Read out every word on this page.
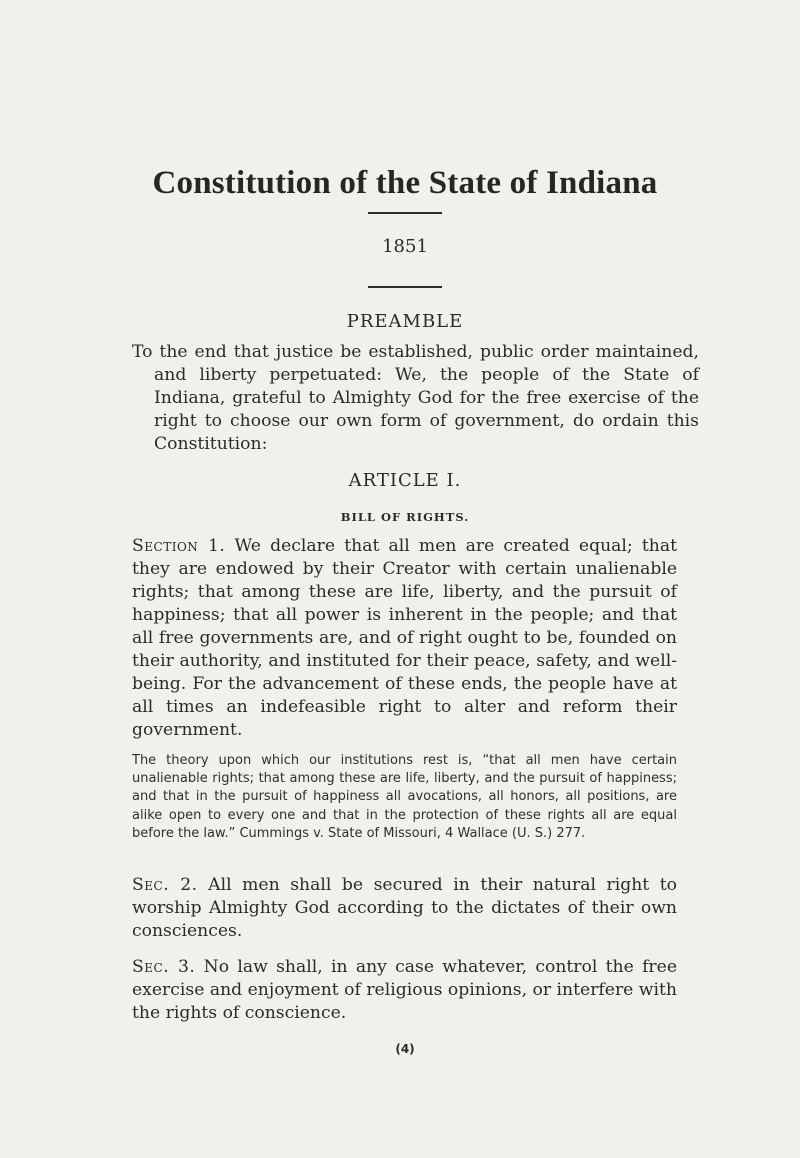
Constitution of the State of Indiana
1851
PREAMBLE

To the end that justice be established, public order maintained, and liberty perpetuated: We, the people of the State of Indiana, grateful to Almighty God for the free exercise of the right to choose our own form of government, do ordain this Constitution:

ARTICLE I.
BILL OF RIGHTS.

Section 1. We declare that all men are created equal; that they are endowed by their Creator with certain unalienable rights; that among these are life, liberty, and the pursuit of happiness; that all power is inherent in the people; and that all free governments are, and of right ought to be, founded on their authority, and instituted for their peace, safety, and well-being. For the advancement of these ends, the people have at all times an indefeasible right to alter and reform their government.

The theory upon which our institutions rest is, “that all men have certain unalienable rights; that among these are life, liberty, and the pursuit of happiness; and that in the pursuit of happiness all avocations, all honors, all positions, are alike open to every one and that in the protection of these rights all are equal before the law.” Cummings v. State of Missouri, 4 Wallace (U. S.) 277.

Sec. 2. All men shall be secured in their natural right to worship Almighty God according to the dictates of their own consciences.

Sec. 3. No law shall, in any case whatever, control the free exercise and enjoyment of religious opinions, or interfere with the rights of conscience.

(4)
